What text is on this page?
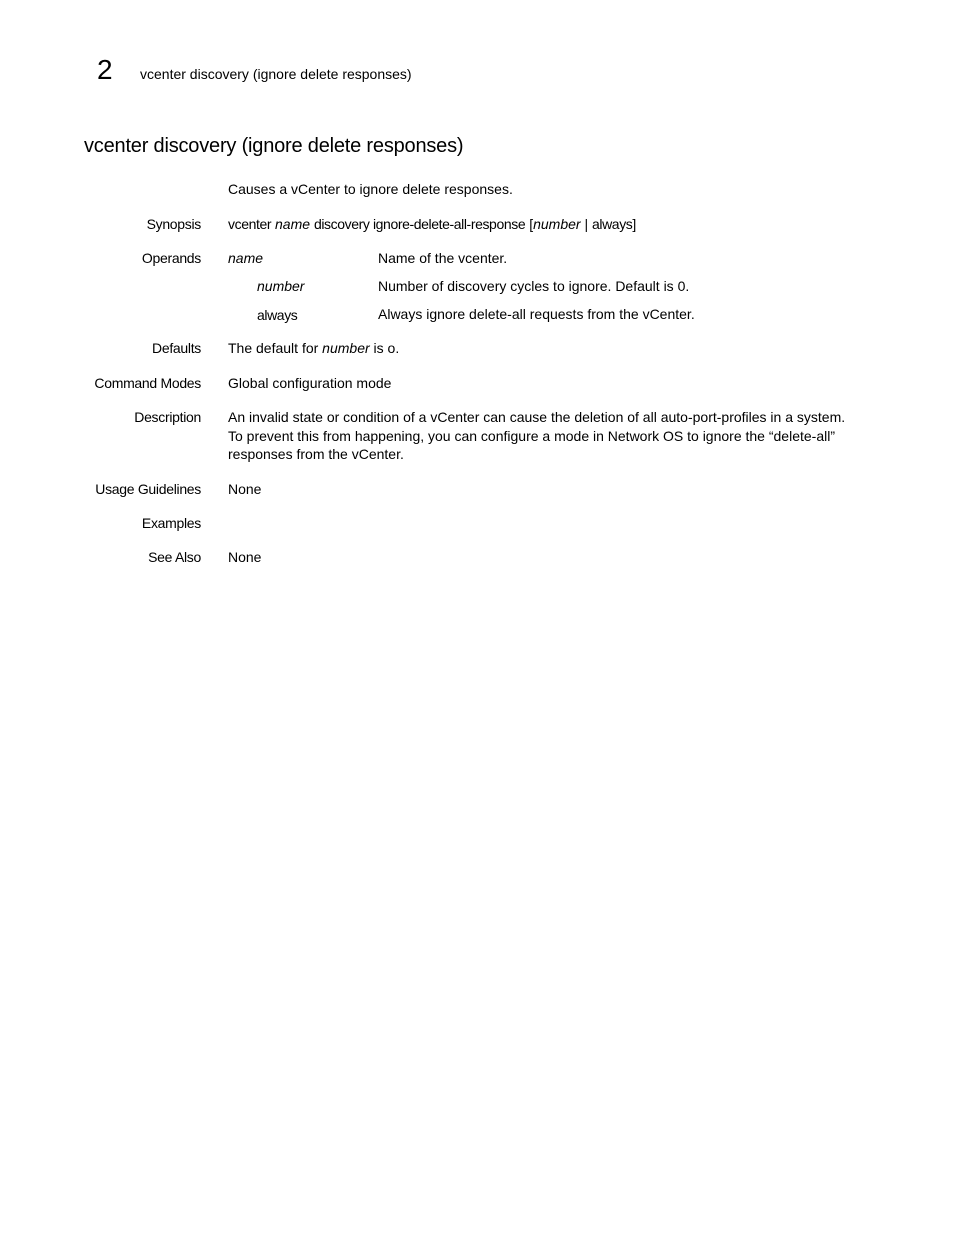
2 vcenter discovery (ignore delete responses)
vcenter discovery (ignore delete responses)
Causes a vCenter to ignore delete responses.
Synopsis vcenter name discovery ignore-delete-all-response [number | always]
Operands name	Name of the vcenter.
number	Number of discovery cycles to ignore. Default is 0.
always	Always ignore delete-all requests from the vCenter.
Defaults The default for number is o.
Command Modes Global configuration mode
Description An invalid state or condition of a vCenter can cause the deletion of all auto-port-profiles in a system. To prevent this from happening, you can configure a mode in Network OS to ignore the “delete-all” responses from the vCenter.
Usage Guidelines None
Examples
See Also None
